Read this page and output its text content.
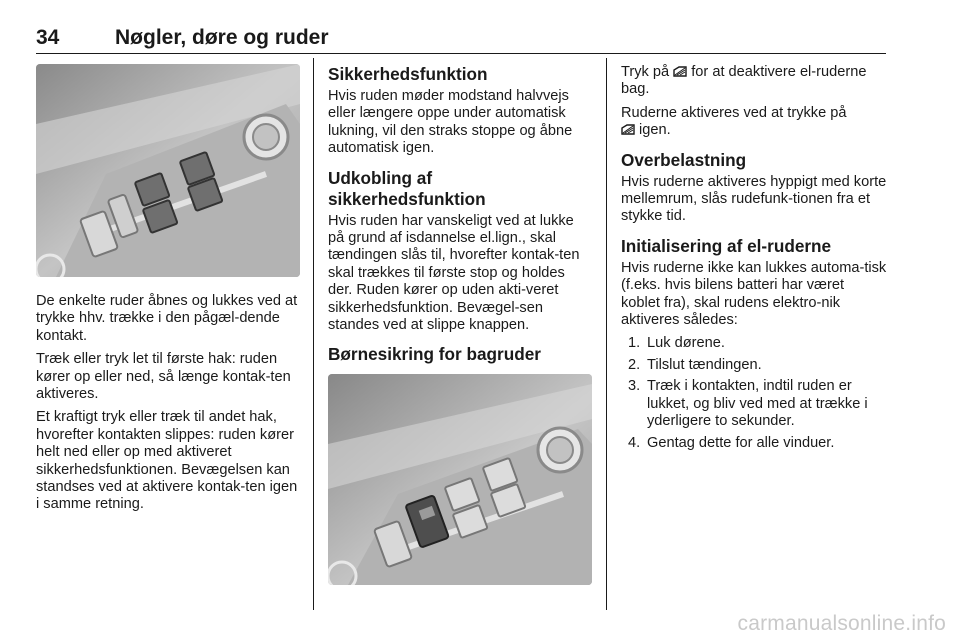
34	Nøgler, døre og ruder

De enkelte ruder åbnes og lukkes ved at trykke hhv. trække i den pågæl-dende kontakt.

Træk eller tryk let til første hak: ruden kører op eller ned, så længe kontak-ten aktiveres.

Et kraftigt tryk eller træk til andet hak, hvorefter kontakten slippes: ruden kører helt ned eller op med aktiveret sikkerhedsfunktionen. Bevægelsen kan standses ved at aktivere kontak-ten igen i samme retning.

Sikkerhedsfunktion

Hvis ruden møder modstand halvvejs eller længere oppe under automatisk lukning, vil den straks stoppe og åbne automatisk igen.

Udkobling af sikkerhedsfunktion

Hvis ruden har vanskeligt ved at lukke på grund af isdannelse el.lign., skal tændingen slås til, hvorefter kontak-ten skal trækkes til første stop og holdes der. Ruden kører op uden akti-veret sikkerhedsfunktion. Bevægel-sen standes ved at slippe knappen.

Børnesikring for bagruder

Tryk på  for at deaktivere el-ruderne bag.

Ruderne aktiveres ved at trykke på
igen.

Overbelastning

Hvis ruderne aktiveres hyppigt med korte mellemrum, slås rudefunk-tionen fra et stykke tid.

Initialisering af el-ruderne

Hvis ruderne ikke kan lukkes automa-tisk (f.eks. hvis bilens batteri har været koblet fra), skal rudens elektro-nik aktiveres således:

1. Luk dørene.
2. Tilslut tændingen.
3. Træk i kontakten, indtil ruden er lukket, og bliv ved med at trække i yderligere to sekunder.
4. Gentag dette for alle vinduer.
carmanualsonline.info
